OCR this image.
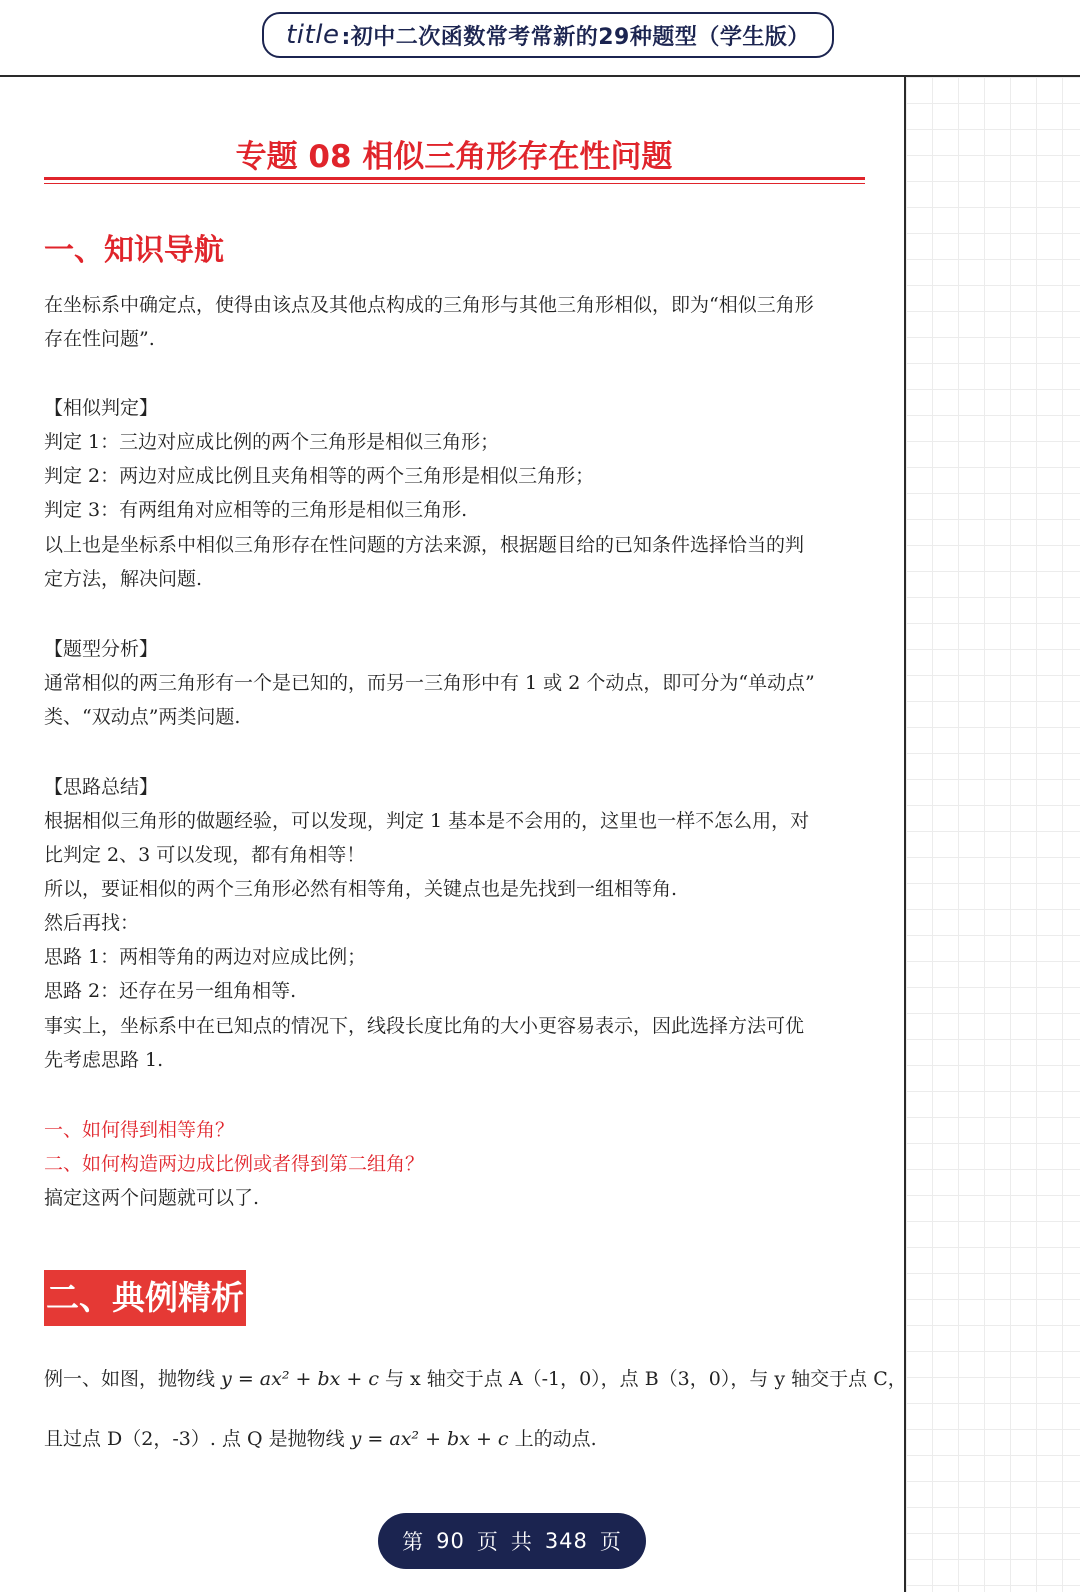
title :初中二次函数常考常新的29种题型（学生版）
专题 08 相似三角形存在性问题
一、知识导航
在坐标系中确定点，使得由该点及其他点构成的三角形与其他三角形相似，即为“相似三角形
存在性问题”.
【相似判定】
判定 1：三边对应成比例的两个三角形是相似三角形；
判定 2：两边对应成比例且夹角相等的两个三角形是相似三角形；
判定 3：有两组角对应相等的三角形是相似三角形.
以上也是坐标系中相似三角形存在性问题的方法来源，根据题目给的已知条件选择恰当的判
定方法，解决问题.
【题型分析】
通常相似的两三角形有一个是已知的，而另一三角形中有 1 或 2 个动点，即可分为“单动点”
类、“双动点”两类问题.
【思路总结】
根据相似三角形的做题经验，可以发现，判定 1 基本是不会用的，这里也一样不怎么用，对
比判定 2、3 可以发现，都有角相等！
所以，要证相似的两个三角形必然有相等角，关键点也是先找到一组相等角.
然后再找：
思路 1：两相等角的两边对应成比例；
思路 2：还存在另一组角相等.
事实上，坐标系中在已知点的情况下，线段长度比角的大小更容易表示，因此选择方法可优
先考虑思路 1.
一、如何得到相等角？
二、如何构造两边成比例或者得到第二组角？
搞定这两个问题就可以了.
二、典例精析
例一、如图，抛物线 y = ax² + bx + c 与 x 轴交于点 A（-1，0），点 B（3，0），与 y 轴交于点 C，
且过点 D（2，-3）. 点 Q 是抛物线 y = ax² + bx + c 上的动点.
第 90 页 共 348 页
